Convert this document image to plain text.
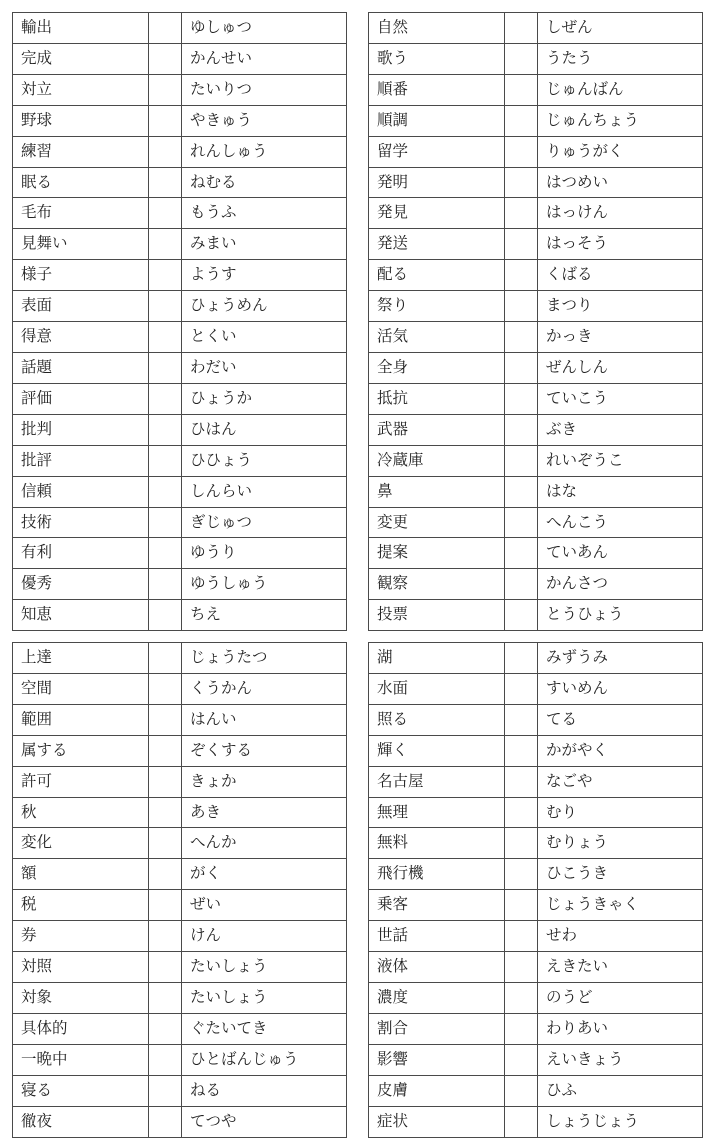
輸出		ゆしゅつ
完成		かんせい
対立		たいりつ
野球		やきゅう
練習		れんしゅう
眠る		ねむる
毛布		もうふ
見舞い		みまい
様子		ようす
表面		ひょうめん
得意		とくい
話題		わだい
評価		ひょうか
批判		ひはん
批評		ひひょう
信頼		しんらい
技術		ぎじゅつ
有利		ゆうり
優秀		ゆうしゅう
知恵		ちえ
自然		しぜん
歌う		うたう
順番		じゅんばん
順調		じゅんちょう
留学		りゅうがく
発明		はつめい
発見		はっけん
発送		はっそう
配る		くばる
祭り		まつり
活気		かっき
全身		ぜんしん
抵抗		ていこう
武器		ぶき
冷蔵庫		れいぞうこ
鼻		はな
変更		へんこう
提案		ていあん
観察		かんさつ
投票		とうひょう
上達		じょうたつ
空間		くうかん
範囲		はんい
属する		ぞくする
許可		きょか
秋		あき
変化		へんか
額		がく
税		ぜい
券		けん
対照		たいしょう
対象		たいしょう
具体的		ぐたいてき
一晩中		ひとばんじゅう
寝る		ねる
徹夜		てつや
湖		みずうみ
水面		すいめん
照る		てる
輝く		かがやく
名古屋		なごや
無理		むり
無料		むりょう
飛行機		ひこうき
乗客		じょうきゃく
世話		せわ
液体		えきたい
濃度		のうど
割合		わりあい
影響		えいきょう
皮膚		ひふ
症状		しょうじょう
